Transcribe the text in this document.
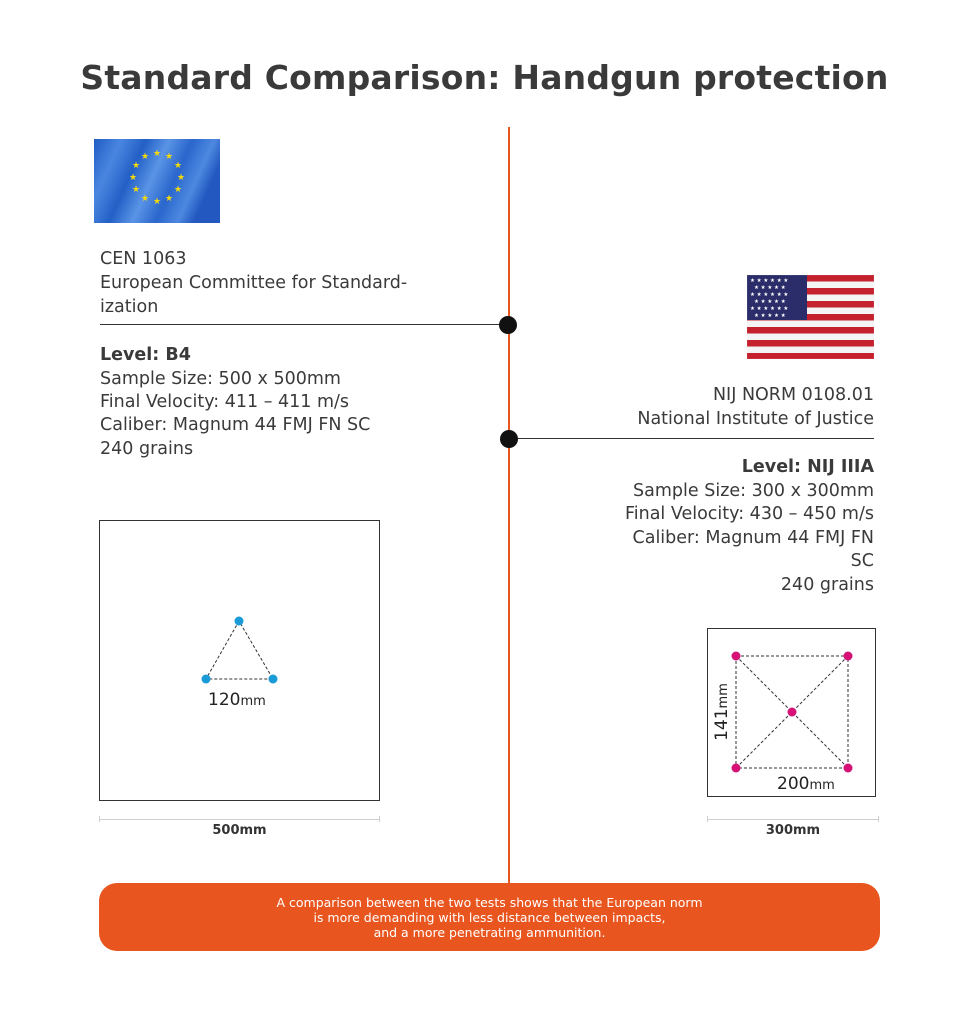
Standard Comparison: Handgun protection
★ ★
★
★
★
★
★
★
★
★
★
★
CEN 1063
European Committee for Standard-
ization
Level: B4
Sample Size: 500 x 500mm
Final Velocity: 411 – 411 m/s
Caliber: Magnum 44 FMJ FN SC
240 grains
120mm
500mm
★ ★ ★ ★ ★ ★
★ ★ ★ ★ ★
★ ★ ★ ★ ★ ★
★ ★ ★ ★ ★
★ ★ ★ ★ ★ ★
★ ★ ★ ★ ★
NIJ NORM 0108.01
National Institute of Justice
Level: NIJ IIIA
Sample Size: 300 x 300mm
Final Velocity: 430 – 450 m/s
Caliber: Magnum 44 FMJ FN
SC
240 grains
141mm
200mm
300mm
A comparison between the two tests shows that the European norm
is more demanding with less distance between impacts,
and a more penetrating ammunition.
